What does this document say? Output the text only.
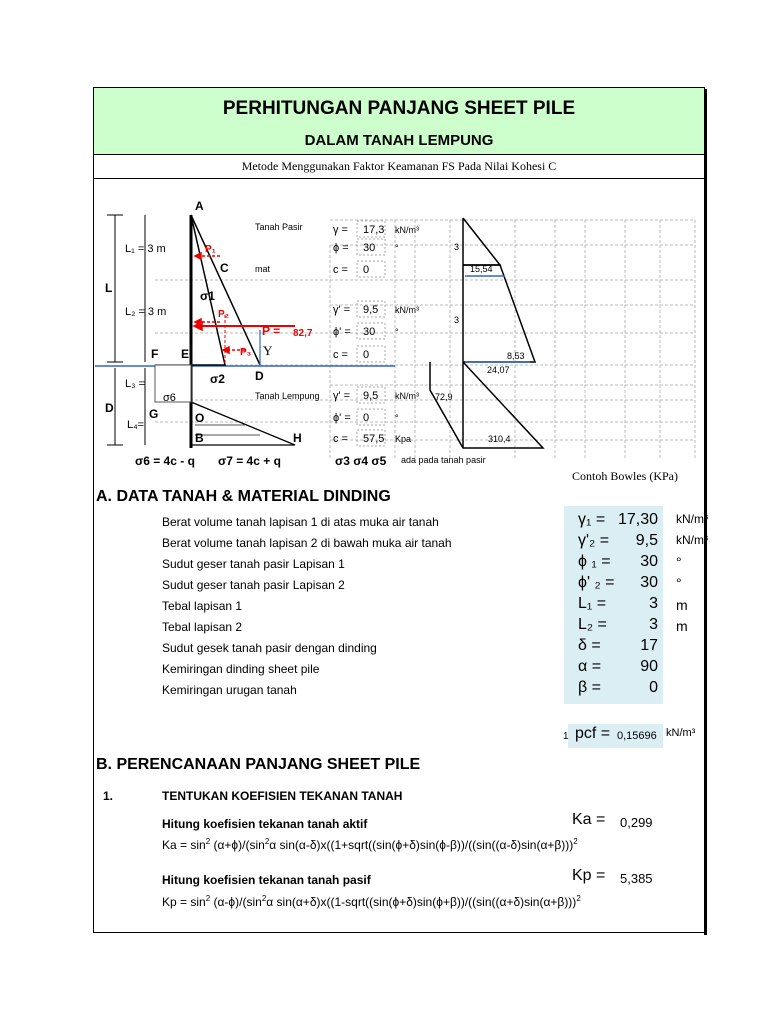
PERHITUNGAN PANJANG SHEET PILE
DALAM TANAH LEMPUNG
Metode Menggunakan Faktor Keamanan FS Pada Nilai Kohesi C
A
C
F E
D
G	O
B	H
L
D
σ1
σ2
L₁ = 3 m
L₂ = 3 m
L₃ =
L₄=
σ6
Y
P₁
P₂
P₃
P = 82,7
σ6 = 4c - q σ7 = 4c + q	σ3 σ4 σ5 ada pada tanah pasir
Tanah Pasir
mat
Tanah Lempung
γ = 17,3 kN/m³
ϕ = 30 °
c = 0
γ' = 9,5 kN/m³
ϕ' = 30 °
c = 0
γ' = 9,5 kN/m³
ϕ' = 0	°
c = 57,5 Kpa
3
15,54
3
8,53
24,07
72,9
310,4
Contoh Bowles (KPa)
A. DATA TANAH & MATERIAL DINDING
Berat volume tanah lapisan 1 di atas muka air tanah	γ₁ = 17,30 kN/m³
Berat volume tanah lapisan 2 di bawah muka air tanah	γ'₂ =	9,5 kN/m³
Sudut geser tanah pasir Lapisan 1	ϕ ₁ =	30 °
Sudut geser tanah pasir Lapisan 2	ϕ' ₂ =	30 °
Tebal lapisan 1	L₁ =	3 m
Tebal lapisan 2	L₂ =	3 m
Sudut gesek tanah pasir dengan dinding	δ =	17
Kemiringan dinding sheet pile	α =	90
Kemiringan urugan tanah	β =	0
1 pcf = 0,15696 kN/m³
B. PERENCANAAN PANJANG SHEET PILE
1.	TENTUKAN KOEFISIEN TEKANAN TANAH
Hitung koefisien tekanan tanah aktif	Ka = 0,299
$Ka = \sin^2 (\alpha+\phi)/(\sin^2\alpha$ $\sin(\alpha-\delta)x((1+sqrt((\sin(\phi+\delta)\sin(\phi-\beta))/((\sin((\alpha-\delta)\sin(\alpha+\beta)))^2$
Hitung koefisien tekanan tanah pasif	Kp = 5,385
$Kp = \sin^2 (\alpha-\phi)/(\sin^2\alpha$ $\sin(\alpha+\delta)x((1-sqrt((\sin(\phi+\delta)\sin(\phi+\beta))/((\sin((\alpha+\delta)\sin(\alpha+\beta)))^2$
